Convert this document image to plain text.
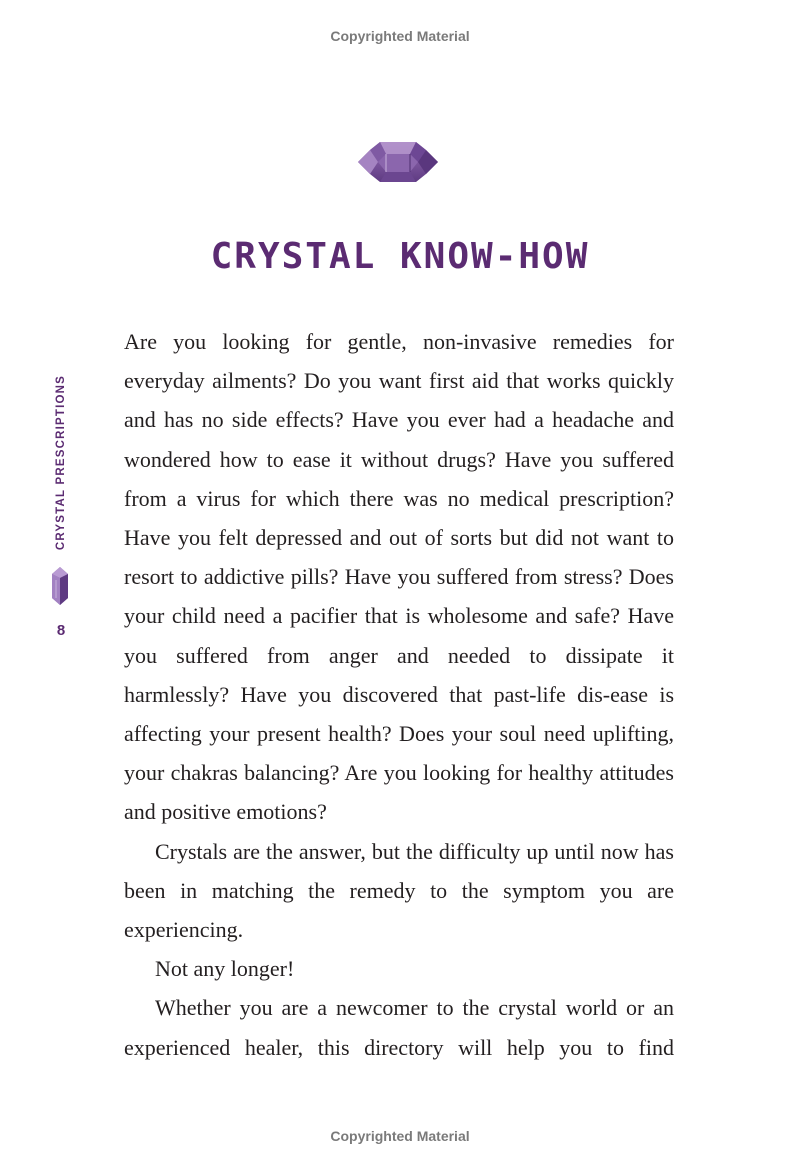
Copyrighted Material
CRYSTAL KNOW-HOW
CRYSTAL PRESCRIPTIONS
8

Are you looking for gentle, non-invasive remedies for everyday ailments? Do you want first aid that works quickly and has no side effects? Have you ever had a headache and wondered how to ease it without drugs? Have you suffered from a virus for which there was no medical prescription? Have you felt depressed and out of sorts but did not want to resort to addictive pills? Have you suffered from stress? Does your child need a pacifier that is wholesome and safe? Have you suffered from anger and needed to dissipate it harmlessly? Have you discovered that past-life dis-ease is affecting your present health? Does your soul need uplifting, your chakras balancing? Are you looking for healthy attitudes and positive emotions?

Crystals are the answer, but the difficulty up until now has been in matching the remedy to the symptom you are experiencing.

Not any longer!

Whether you are a newcomer to the crystal world or an experienced healer, this directory will help you to find

Copyrighted Material
